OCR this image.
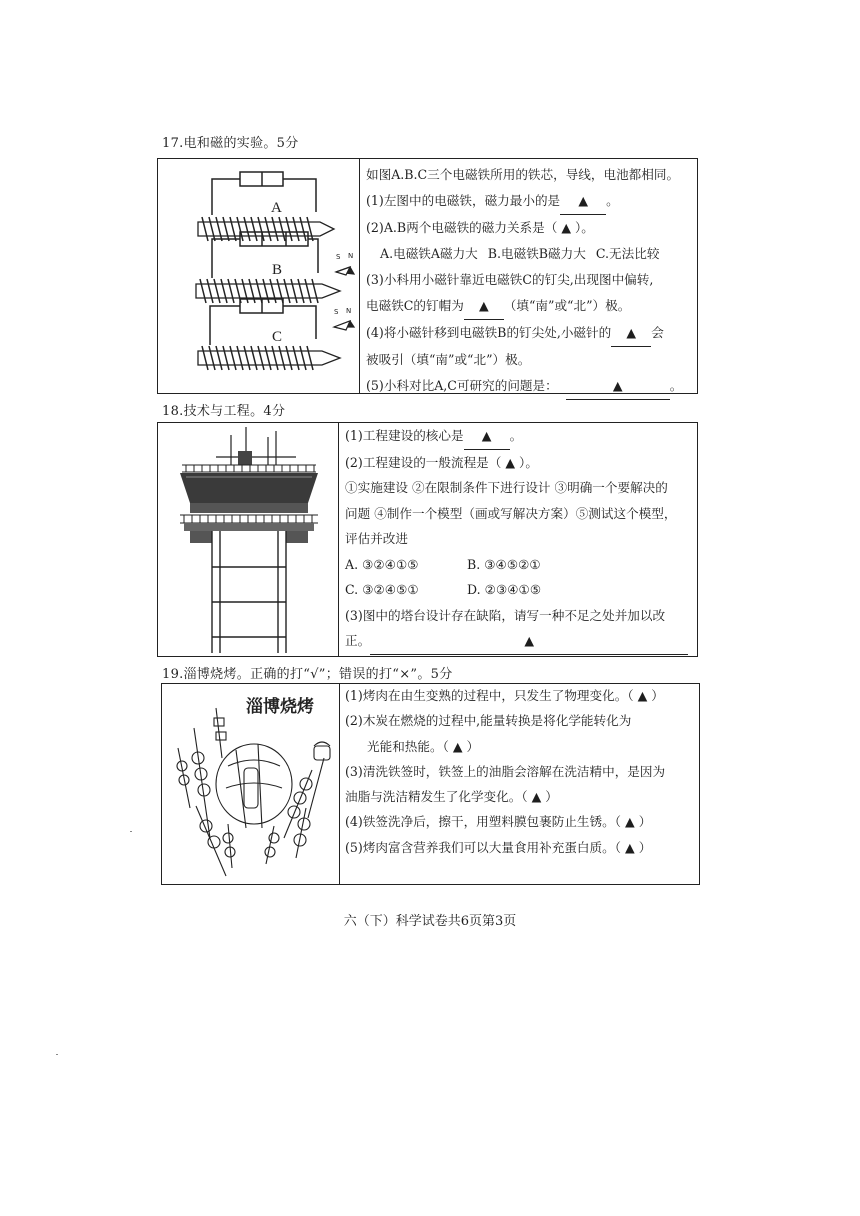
17.电和磁的实验。5分
S N
S N
A
B
C
如图A.B.C三个电磁铁所用的铁芯，导线，电池都相同。
(1)左图中的电磁铁，磁力最小的是 ▲ 。
(2)A.B两个电磁铁的磁力关系是（ ▲ ）。
A.电磁铁A磁力大 B.电磁铁B磁力大 C.无法比较
(3)小科用小磁针靠近电磁铁C的钉尖,出现图中偏转,
电磁铁C的钉帽为 ▲ （填“南”或“北”）极。
(4)将小磁针移到电磁铁B的钉尖处,小磁针的 ▲ 会
被吸引（填“南”或“北”）极。
(5)小科对比A,C可研究的问题是：	▲	。
18.技术与工程。4分
(1)工程建设的核心是 ▲ 。
(2)工程建设的一般流程是（ ▲ ）。
①实施建设 ②在限制条件下进行设计 ③明确一个要解决的
问题 ④制作一个模型（画或写解决方案）⑤测试这个模型，
评估并改进
A. ③②④①⑤	B. ③④⑤②①
C. ③②④⑤①	D. ②③④①⑤
(3)图中的塔台设计存在缺陷，请写一种不足之处并加以改
正。	▲
19.淄博烧烤。正确的打“√”；错误的打“×”。5分
淄博烧烤
(1)烤肉在由生变熟的过程中，只发生了物理变化。（ ▲ ）
(2)木炭在燃烧的过程中,能量转换是将化学能转化为
光能和热能。（ ▲ ）
(3)清洗铁签时，铁签上的油脂会溶解在洗洁精中，是因为
油脂与洗洁精发生了化学变化。（ ▲ ）
(4)铁签洗净后，擦干，用塑料膜包裹防止生锈。（ ▲ ）
(5)烤肉富含营养我们可以大量食用补充蛋白质。（ ▲ ）
六（下）科学试卷共6页第3页
